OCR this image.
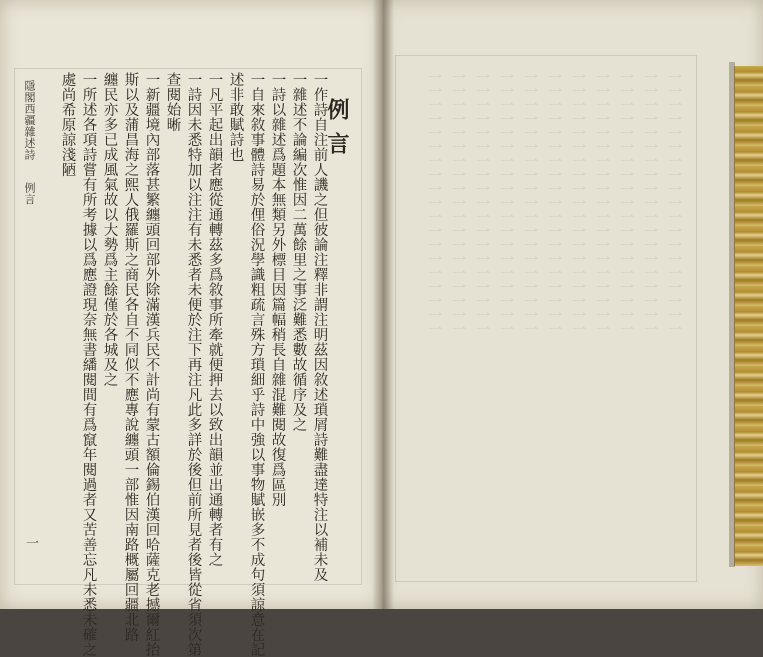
例言
一作詩自注前人譏之但彼論注釋非謂注明茲因敘述瑣屑詩難盡達特注以補未及
一雜述不論編次惟因二萬餘里之事泛難悉數故循序及之
一詩以雜述爲題本無類另外標目因篇幅稍長自雜混難閱故復爲區別
一自來敘事體詩易於俚俗況學識粗疏言殊方瑣細乎詩中強以事物賦嵌多不成句須諒意在記
述非敢賦詩也
一凡平起出韻者應從通轉茲多爲敘事所牽就便押去以致出韻並出通轉者有之
一詩因未悉特加以注注有未悉者未便於注下再注凡此多詳於後但前所見者後皆從省須次第
查閱始晰
一新疆境內部落甚繁纏頭回部外除滿漢兵民不計尚有蒙古額倫錫伯漢回哈薩克老撼爾紅抬
斯以及蒲昌海之熙人俄羅斯之商民各自不同似不應專說纏頭一部惟因南路概屬回疆北路
纏民亦多已成風氣故以大勢爲主餘僅於各城及之
一所述各項詩嘗有所考據以爲應證現奈無書繙閱間有爲竄年閱過者又苦善忘凡未悉未確之
處尚希原諒淺陋
隱閣西疆雜述詩
例言
一
一一一一一一一一一一一一一一一一一一一
一一一一一一一一一一一一一一一一一一一
一一一一一一一一一一一一一一一一一一一
一一一一一一一一一一一一一一一一一一一
一一一一一一一一一一一一一一一一一一一
一一一一一一一一一一一一一一一一一一一
一一一一一一一一一一一一一一一一一一一
一一一一一一一一一一一一一一一一一一一
一一一一一一一一一一一一一一一一一一一
一一一一一一一一一一一一一一一一一一一
一一一一一一一一一一一一一一一一一一一
